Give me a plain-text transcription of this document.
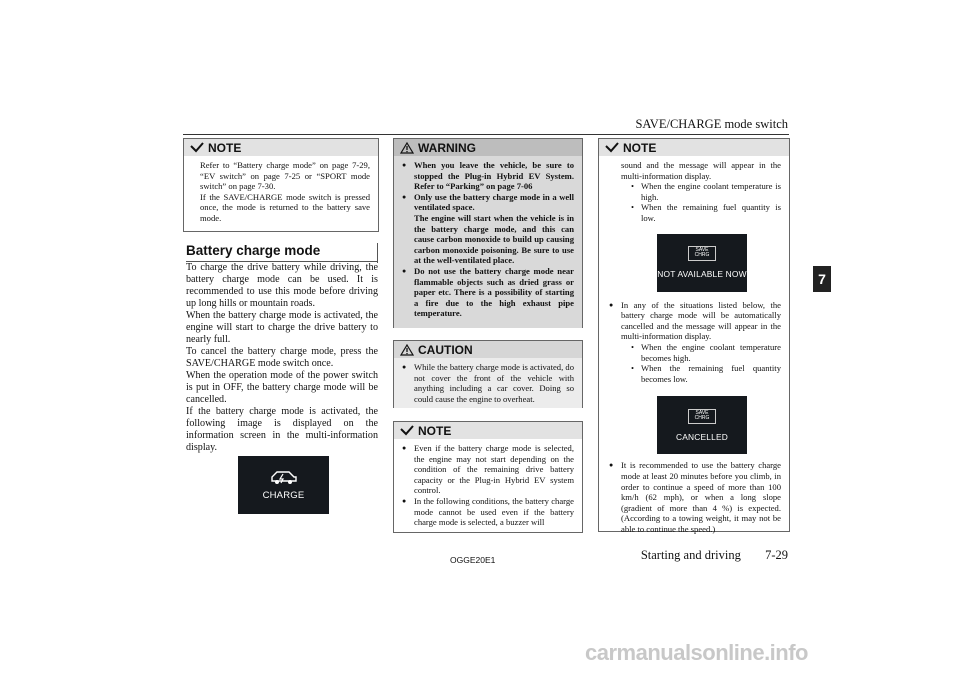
SAVE/CHARGE mode switch
7
NOTE
Refer to “Battery charge mode” on page 7-29, “EV switch” on page 7-25 or “SPORT mode switch” on page 7-30.
If the SAVE/CHARGE mode switch is pressed once, the mode is returned to the battery save mode.
Battery charge mode

To charge the drive battery while driving, the battery charge mode can be used. It is recommended to use this mode before driving up long hills or mountain roads.

When the battery charge mode is activated, the engine will start to charge the drive battery to nearly full.

To cancel the battery charge mode, press the SAVE/CHARGE mode switch once.

When the operation mode of the power switch is put in OFF, the battery charge mode will be cancelled.

If the battery charge mode is activated, the following image is displayed on the information screen in the multi-information display.

CHARGE
WARNING
● When you leave the vehicle, be sure to stopped the Plug-in Hybrid EV System. Refer to “Parking” on page 7-06
● Only use the battery charge mode in a well ventilated space.
The engine will start when the vehicle is in the battery charge mode, and this can cause carbon monoxide to build up causing carbon monoxide poisoning. Be sure to use at the well-ventilated place.
● Do not use the battery charge mode near flammable objects such as dried grass or paper etc. There is a possibility of starting a fire due to the high exhaust pipe temperature.
CAUTION
● While the battery charge mode is activated, do not cover the front of the vehicle with anything including a car cover. Doing so could cause the engine to overheat.
NOTE
● Even if the battery charge mode is selected, the engine may not start depending on the condition of the remaining drive battery capacity or the Plug-in Hybrid EV system control.
● In the following conditions, the battery charge mode cannot be used even if the battery charge mode is selected, a buzzer will
NOTE
sound and the message will appear in the multi-information display.
• When the engine coolant temperature is high.
• When the remaining fuel quantity is low.
SAVE CHRG
NOT AVAILABLE NOW
● In any of the situations listed below, the battery charge mode will be automatically cancelled and the message will appear in the multi-information display.
• When the engine coolant temperature becomes high.
• When the remaining fuel quantity becomes low.
SAVE CHRG
CANCELLED
● It is recommended to use the battery charge mode at least 20 minutes before you climb, in order to continue a speed of more than 100 km/h (62 mph), or when a long slope (gradient of more than 4 %) is expected. (According to a towing weight, it may not be able to continue the speed.)
OGGE20E1	Starting and driving 7-29
carmanualsonline.info
